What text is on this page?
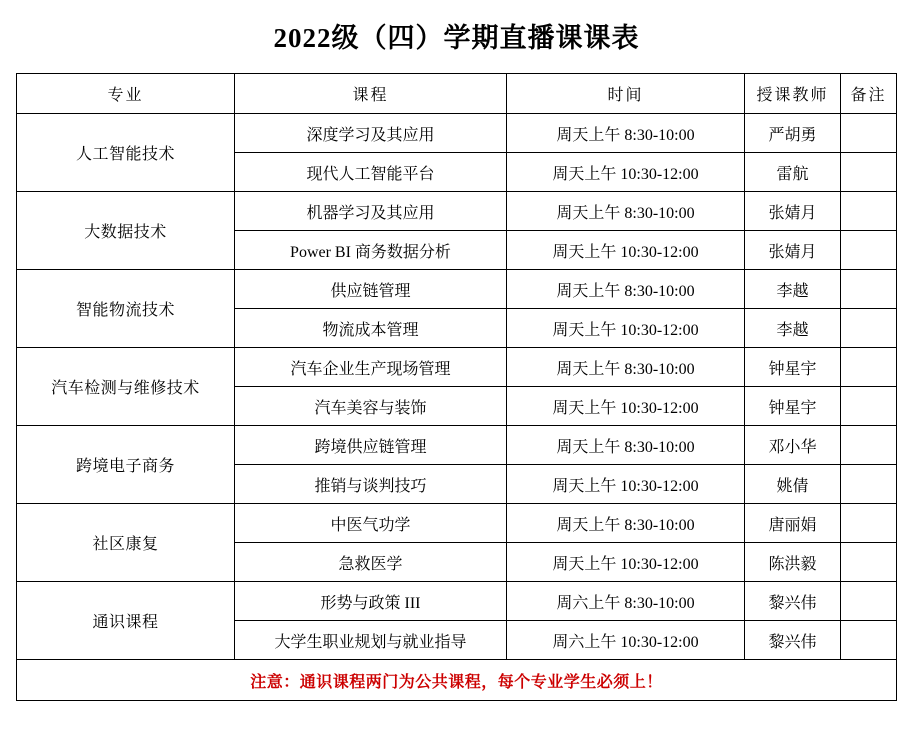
2022级（四）学期直播课课表
专业	课程	时间	授课教师	备注
人工智能技术	深度学习及其应用	周天上午 8:30-10:00	严胡勇	
	现代人工智能平台	周天上午 10:30-12:00	雷航	
大数据技术	机器学习及其应用	周天上午 8:30-10:00	张婧月	
	Power BI 商务数据分析	周天上午 10:30-12:00	张婧月	
智能物流技术	供应链管理	周天上午 8:30-10:00	李越	
	物流成本管理	周天上午 10:30-12:00	李越	
汽车检测与维修技术	汽车企业生产现场管理	周天上午 8:30-10:00	钟星宇	
	汽车美容与装饰	周天上午 10:30-12:00	钟星宇	
跨境电子商务	跨境供应链管理	周天上午 8:30-10:00	邓小华	
	推销与谈判技巧	周天上午 10:30-12:00	姚倩	
社区康复	中医气功学	周天上午 8:30-10:00	唐丽娟	
	急救医学	周天上午 10:30-12:00	陈洪毅	
通识课程	形势与政策 III	周六上午 8:30-10:00	黎兴伟	
	大学生职业规划与就业指导	周六上午 10:30-12:00	黎兴伟	
注意：通识课程两门为公共课程，每个专业学生必须上！				
